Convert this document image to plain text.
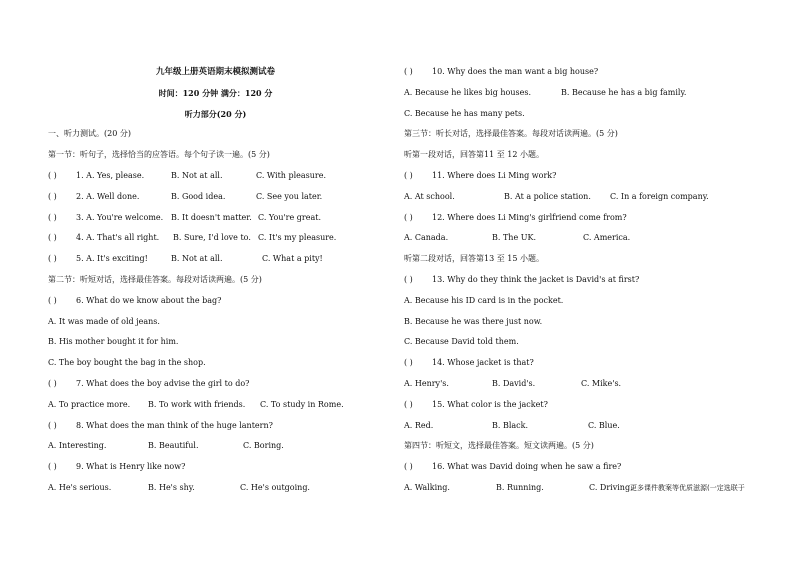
九年级上册英语期末模拟测试卷
时间：120 分钟 满分：120 分
听力部分(20 分)
一、听力测试。(20 分)
第一节：听句子，选择恰当的应答语。每个句子读一遍。(5 分)
( ) 1. A. Yes, please.	B. Not at all.	C. With pleasure.
( ) 2. A. Well done.	B. Good idea.	C. See you later.
( ) 3. A. You're welcome. B. It doesn't matter. C. You're great.
( ) 4. A. That's all right. B. Sure, I'd love to. C. It's my pleasure.
( ) 5. A. It's exciting!	B. Not at all.	C. What a pity!
第二节：听短对话，选择最佳答案。每段对话读两遍。(5 分)
( ) 6. What do we know about the bag?
A. It was made of old jeans.
B. His mother bought it for him.
C. The boy bought the bag in the shop.
( ) 7. What does the boy advise the girl to do?
A. To practice more. B. To work with friends. C. To study in Rome.
( ) 8. What does the man think of the huge lantern?
A. Interesting.	B. Beautiful.	C. Boring.
( ) 9. What is Henry like now?
A. He's serious.	B. He's shy.	C. He's outgoing.
( ) 10. Why does the man want a big house?
A. Because he likes big houses.	B. Because he has a big family.
C. Because he has many pets.
第三节：听长对话，选择最佳答案。每段对话读两遍。(5 分)
听第一段对话，回答第11 至 12 小题。
( ) 11. Where does Li Ming work?
A. At school.	B. At a police station. C. In a foreign company.
( ) 12. Where does Li Ming's girlfriend come from?
A. Canada.	B. The UK.	C. America.
听第二段对话，回答第13 至 15 小题。
( ) 13. Why do they think the jacket is David's at first?
A. Because his ID card is in the pocket.
B. Because he was there just now.
C. Because David told them.
( ) 14. Whose jacket is that?
A. Henry's.	B. David's.	C. Mike's.
( ) 15. What color is the jacket?
A. Red.	B. Black.	C. Blue.
第四节：听短文，选择最佳答案。短文读两遍。(5 分)
( ) 16. What was David doing when he saw a fire?
A. Walking.	B. Running.	C. Driving.
更多课件教案等优质滋源(一定选联于
